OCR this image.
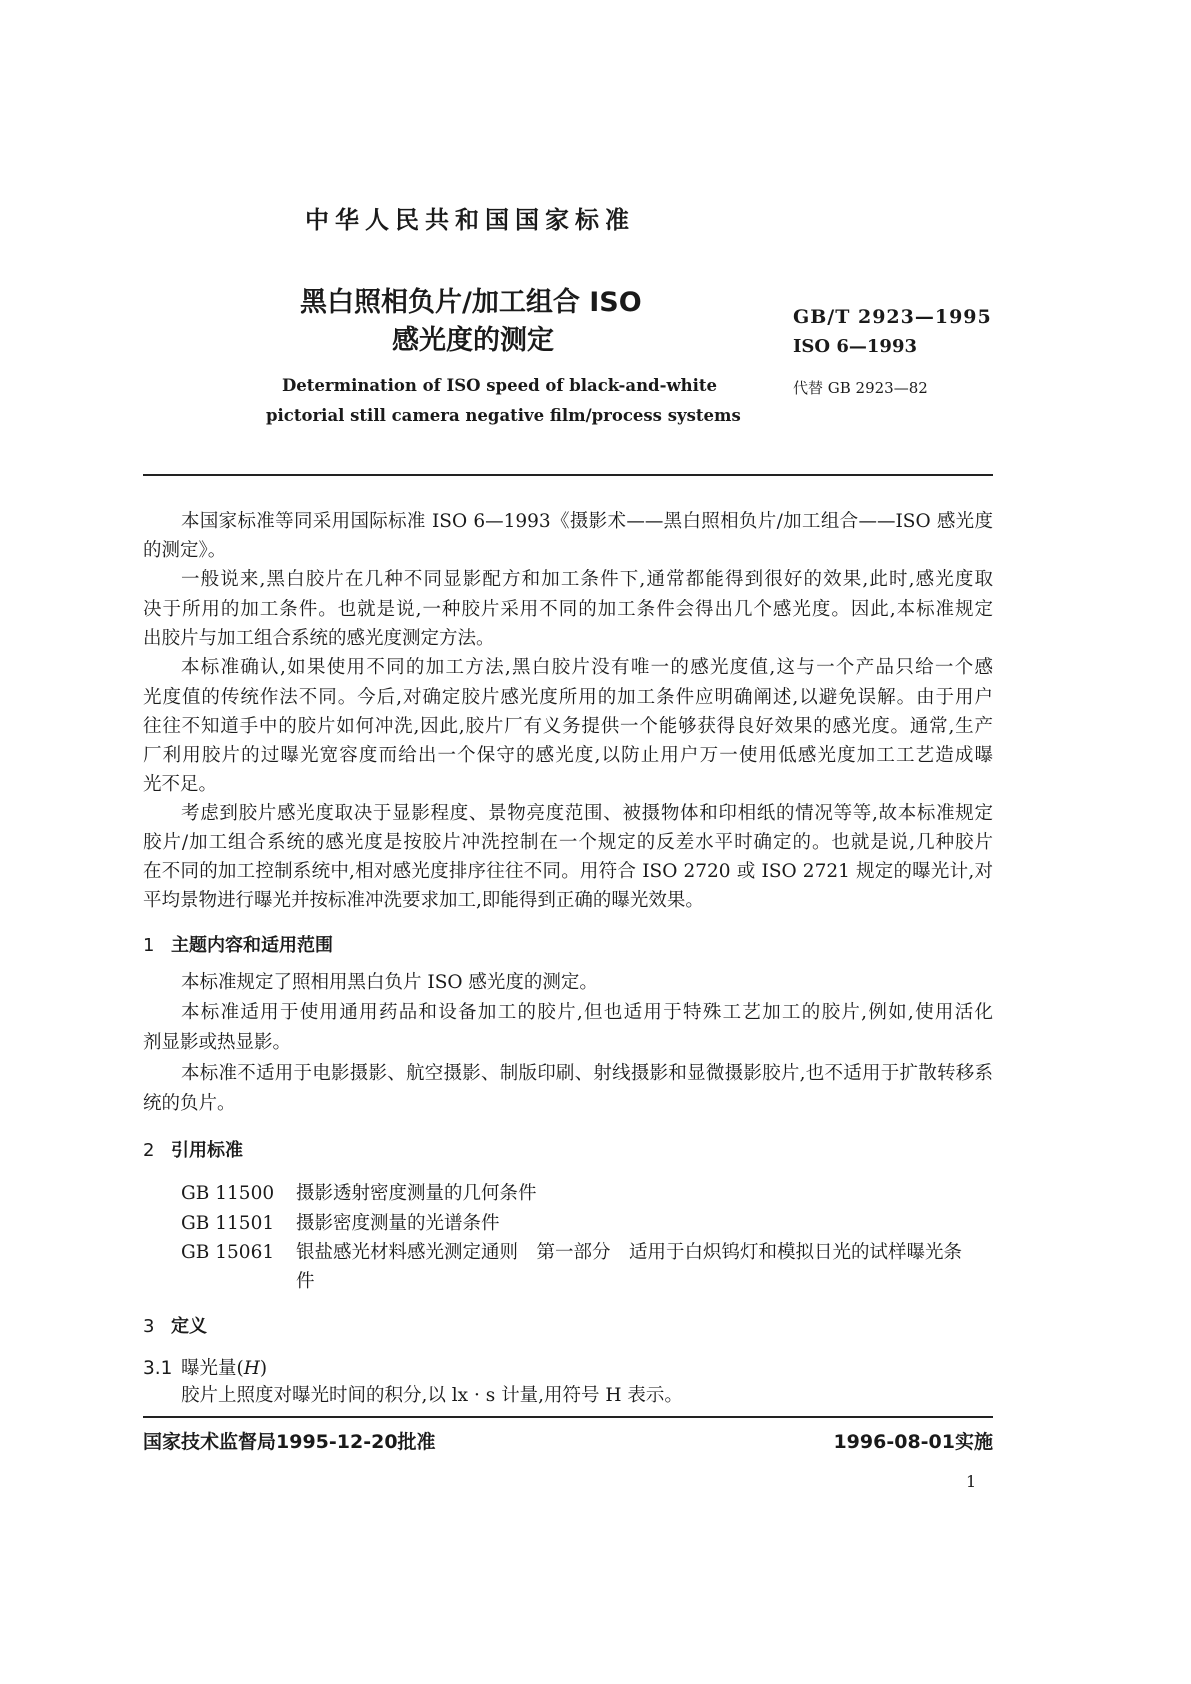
中华人民共和国国家标准
黑白照相负片/加工组合 ISO
感光度的测定
Determination of ISO speed of black-and-white
pictorial still camera negative film/process systems
GB/T 2923—1995
ISO 6—1993
代替 GB 2923—82
本国家标准等同采用国际标准 ISO 6—1993《摄影术——黑白照相负片/加工组合——ISO 感光度
的测定》。
一般说来,黑白胶片在几种不同显影配方和加工条件下,通常都能得到很好的效果,此时,感光度取
决于所用的加工条件。也就是说,一种胶片采用不同的加工条件会得出几个感光度。因此,本标准规定
出胶片与加工组合系统的感光度测定方法。
本标准确认,如果使用不同的加工方法,黑白胶片没有唯一的感光度值,这与一个产品只给一个感
光度值的传统作法不同。今后,对确定胶片感光度所用的加工条件应明确阐述,以避免误解。由于用户
往往不知道手中的胶片如何冲洗,因此,胶片厂有义务提供一个能够获得良好效果的感光度。通常,生产
厂利用胶片的过曝光宽容度而给出一个保守的感光度,以防止用户万一使用低感光度加工工艺造成曝
光不足。
考虑到胶片感光度取决于显影程度、景物亮度范围、被摄物体和印相纸的情况等等,故本标准规定
胶片/加工组合系统的感光度是按胶片冲洗控制在一个规定的反差水平时确定的。也就是说,几种胶片
在不同的加工控制系统中,相对感光度排序往往不同。用符合 ISO 2720 或 ISO 2721 规定的曝光计,对
平均景物进行曝光并按标准冲洗要求加工,即能得到正确的曝光效果。
1 主题内容和适用范围
本标准规定了照相用黑白负片 ISO 感光度的测定。
本标准适用于使用通用药品和设备加工的胶片,但也适用于特殊工艺加工的胶片,例如,使用活化
剂显影或热显影。
本标准不适用于电影摄影、航空摄影、制版印刷、射线摄影和显微摄影胶片,也不适用于扩散转移系
统的负片。
2 引用标准
GB 11500 摄影透射密度测量的几何条件
GB 11501 摄影密度测量的光谱条件
GB 15061 银盐感光材料感光测定通则　第一部分　适用于白炽钨灯和模拟日光的试样曝光条
件
3 定义
3.1 曝光量(H)
胶片上照度对曝光时间的积分,以 lx · s 计量,用符号 H 表示。
国家技术监督局1995-12-20批准	1996-08-01实施
1
